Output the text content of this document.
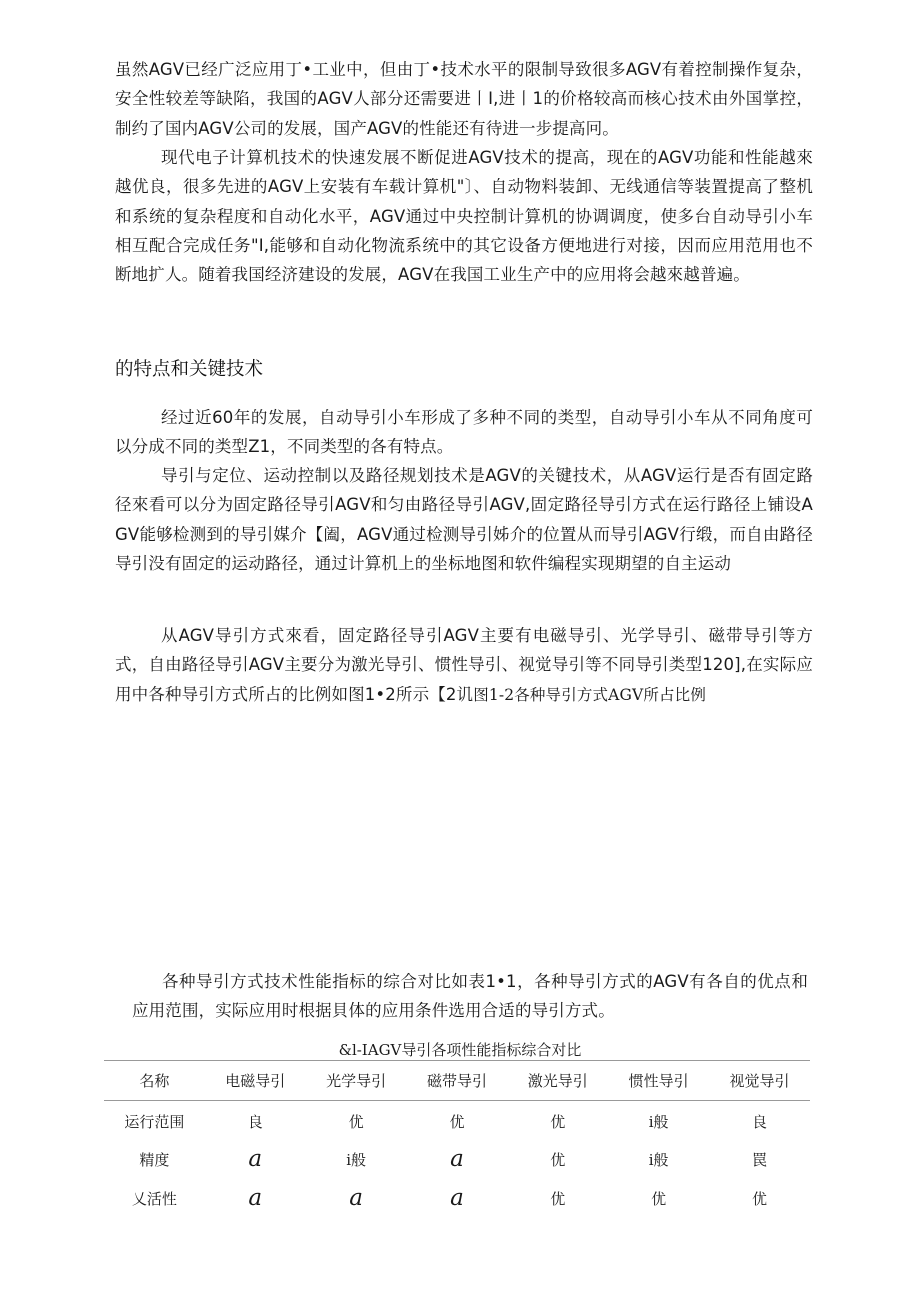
虽然AGV已经广泛应用丁•工业中，但由丁•技术水平的限制导致很多AGV有着控制操作复杂，安全性较差等缺陷，我国的AGV人部分还需要进丨I,进丨1的价格较高而核心技术由外国掌控，制约了国内AGV公司的发展，国产AGV的性能还有待进一步提高冋。

现代电子计算机技术的快速发展不断促进AGV技术的提高，现在的AGV功能和性能越來越优良，很多先进的AGV上安装有车载计算机"〕、自动物料装卸、无线通信等装置提高了整机和系统的复杂程度和自动化水平，AGV通过中央控制计算机的协调调度，使多台自动导引小车相互配合完成任务"I,能够和自动化物流系统中的其它设备方便地进行对接，因而应用范用也不断地扩人。随着我国经济建设的发展，AGV在我国工业生产中的应用将会越來越普遍。

的特点和关键技术

经过近60年的发展，自动导引小车形成了多种不同的类型，自动导引小车从不同角度可以分成不同的类型Z1，不同类型的各有特点。

导引与定位、运动控制以及路径规划技术是AGV的关键技术，从AGV运行是否有固定路径來看可以分为固定路径导引AGV和匀由路径导引AGV,固定路径导引方式在运行路径上铺设AGV能够检测到的导引媒介【阖，AGV通过检测导引姊介的位置从而导引AGV行缎，而自由路径导引没有固定的运动路径，通过计算机上的坐标地图和软件编程实现期望的自主运动

从AGV导引方式來看，固定路径导引AGV主要有电磁导引、光学导引、磁带导引等方式，自由路径导引AGV主要分为激光导引、惯性导引、视觉导引等不同导引类型120],在实际应用中各种导引方式所占的比例如图1•2所示【2讥图1-2各种导引方式AGV所占比例

各种导引方式技术性能指标的综合对比如表1•1，各种导引方式的AGV有各自的优点和应用范围，实际应用时根据貝体的应用条件选用合适的导引方式。

&l-IAGV导引各项性能指标综合对比

名称	电磁导引	光学导引	磁带导引	激光导引	惯性导引	视觉导引
运行范围	良	优	优	优	i般	良
精度	a	i般	a	优	i般	罠
乂活性	a	a	a	优	优	优
